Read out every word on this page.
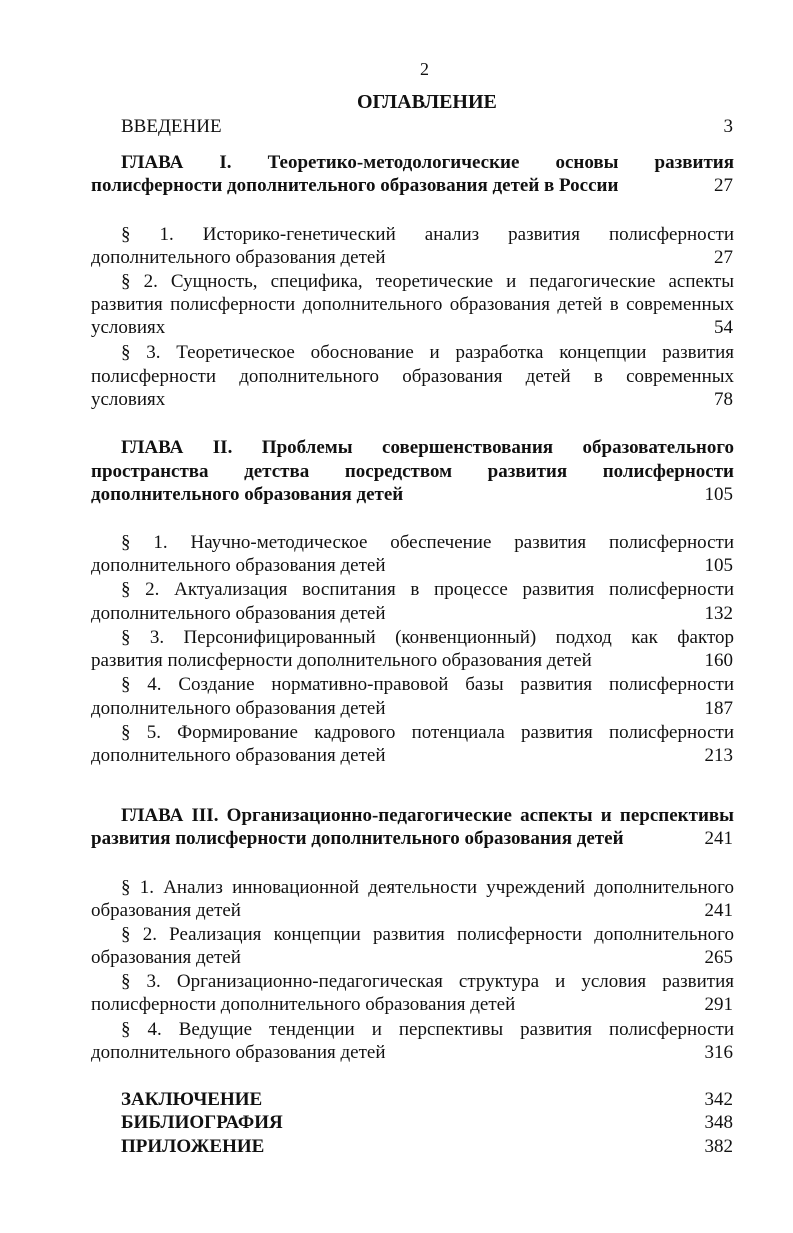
2
ОГЛАВЛЕНИЕ
ВВЕДЕНИЕ	3
ГЛАВА I. Теоретико-методологические основы развития
полисферности дополнительного образования детей в России	27
§ 1. Историко-генетический анализ развития полисферности
дополнительного образования детей	27
§ 2. Сущность, специфика, теоретические и педагогические аспекты
развития полисферности дополнительного образования детей в современных
условиях	54
§ 3. Теоретическое обоснование и разработка концепции развития
полисферности дополнительного образования детей в современных
условиях	78
ГЛАВА II. Проблемы совершенствования образовательного
пространства детства посредством развития полисферности
дополнительного образования детей	105
§ 1. Научно-методическое обеспечение развития полисферности
дополнительного образования детей	105
§ 2. Актуализация воспитания в процессе развития полисферности
дополнительного образования детей	132
§ 3. Персонифицированный (конвенционный) подход как фактор
развития полисферности дополнительного образования детей	160
§ 4. Создание нормативно-правовой базы развития полисферности
дополнительного образования детей	187
§ 5. Формирование кадрового потенциала развития полисферности
дополнительного образования детей	213
ГЛАВА III. Организационно-педагогические аспекты и перспективы
развития полисферности дополнительного образования детей	241
§ 1. Анализ инновационной деятельности учреждений дополнительного
образования детей	241
§ 2. Реализация концепции развития полисферности дополнительного
образования детей	265
§ 3. Организационно-педагогическая структура и условия развития
полисферности дополнительного образования детей	291
§ 4. Ведущие тенденции и перспективы развития полисферности
дополнительного образования детей	316
ЗАКЛЮЧЕНИЕ	342
БИБЛИОГРАФИЯ	348
ПРИЛОЖЕНИЕ	382
